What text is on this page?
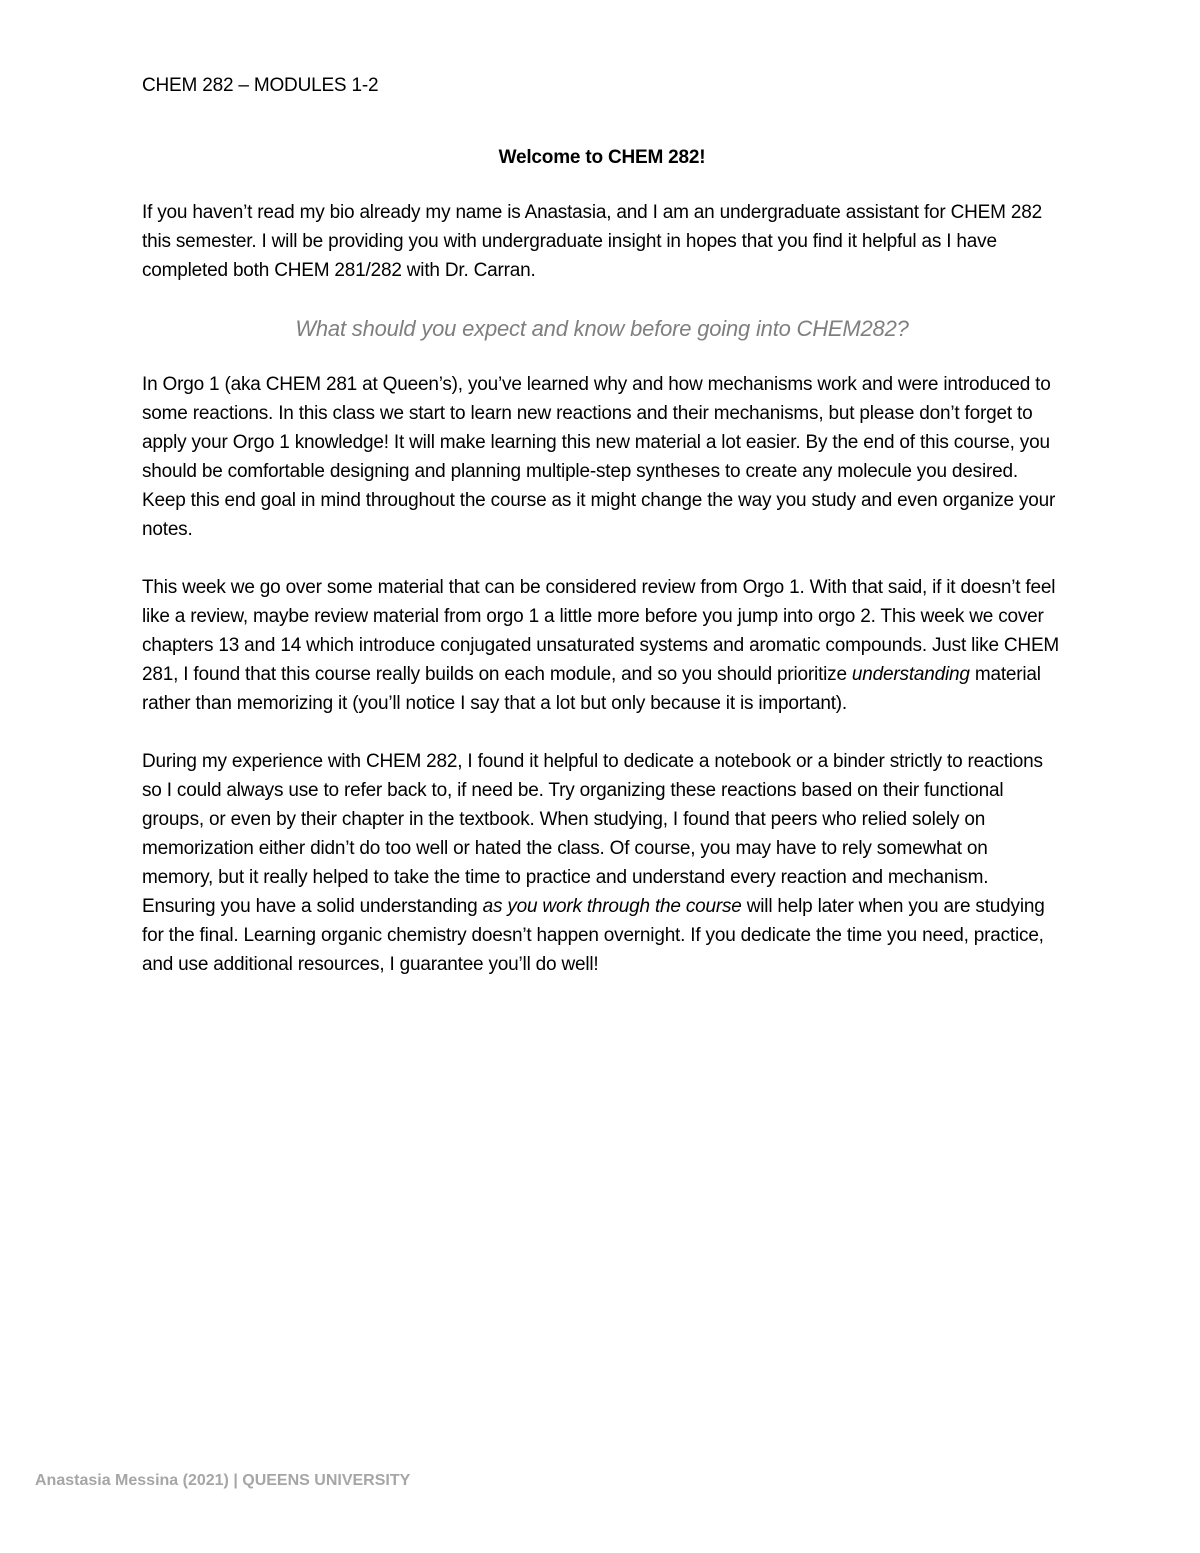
CHEM 282 – MODULES 1-2

Welcome to CHEM 282!

If you haven’t read my bio already my name is Anastasia, and I am an undergraduate assistant for CHEM 282 this semester. I will be providing you with undergraduate insight in hopes that you find it helpful as I have completed both CHEM 281/282 with Dr. Carran.

What should you expect and know before going into CHEM282?

In Orgo 1 (aka CHEM 281 at Queen’s), you’ve learned why and how mechanisms work and were introduced to some reactions. In this class we start to learn new reactions and their mechanisms, but please don’t forget to apply your Orgo 1 knowledge! It will make learning this new material a lot easier. By the end of this course, you should be comfortable designing and planning multiple-step syntheses to create any molecule you desired. Keep this end goal in mind throughout the course as it might change the way you study and even organize your notes.

This week we go over some material that can be considered review from Orgo 1. With that said, if it doesn’t feel like a review, maybe review material from orgo 1 a little more before you jump into orgo 2. This week we cover chapters 13 and 14 which introduce conjugated unsaturated systems and aromatic compounds. Just like CHEM 281, I found that this course really builds on each module, and so you should prioritize understanding material rather than memorizing it (you’ll notice I say that a lot but only because it is important).

During my experience with CHEM 282, I found it helpful to dedicate a notebook or a binder strictly to reactions so I could always use to refer back to, if need be. Try organizing these reactions based on their functional groups, or even by their chapter in the textbook. When studying, I found that peers who relied solely on memorization either didn’t do too well or hated the class. Of course, you may have to rely somewhat on memory, but it really helped to take the time to practice and understand every reaction and mechanism. Ensuring you have a solid understanding as you work through the course will help later when you are studying for the final. Learning organic chemistry doesn’t happen overnight. If you dedicate the time you need, practice, and use additional resources, I guarantee you’ll do well!

Anastasia Messina (2021) | QUEENS UNIVERSITY
